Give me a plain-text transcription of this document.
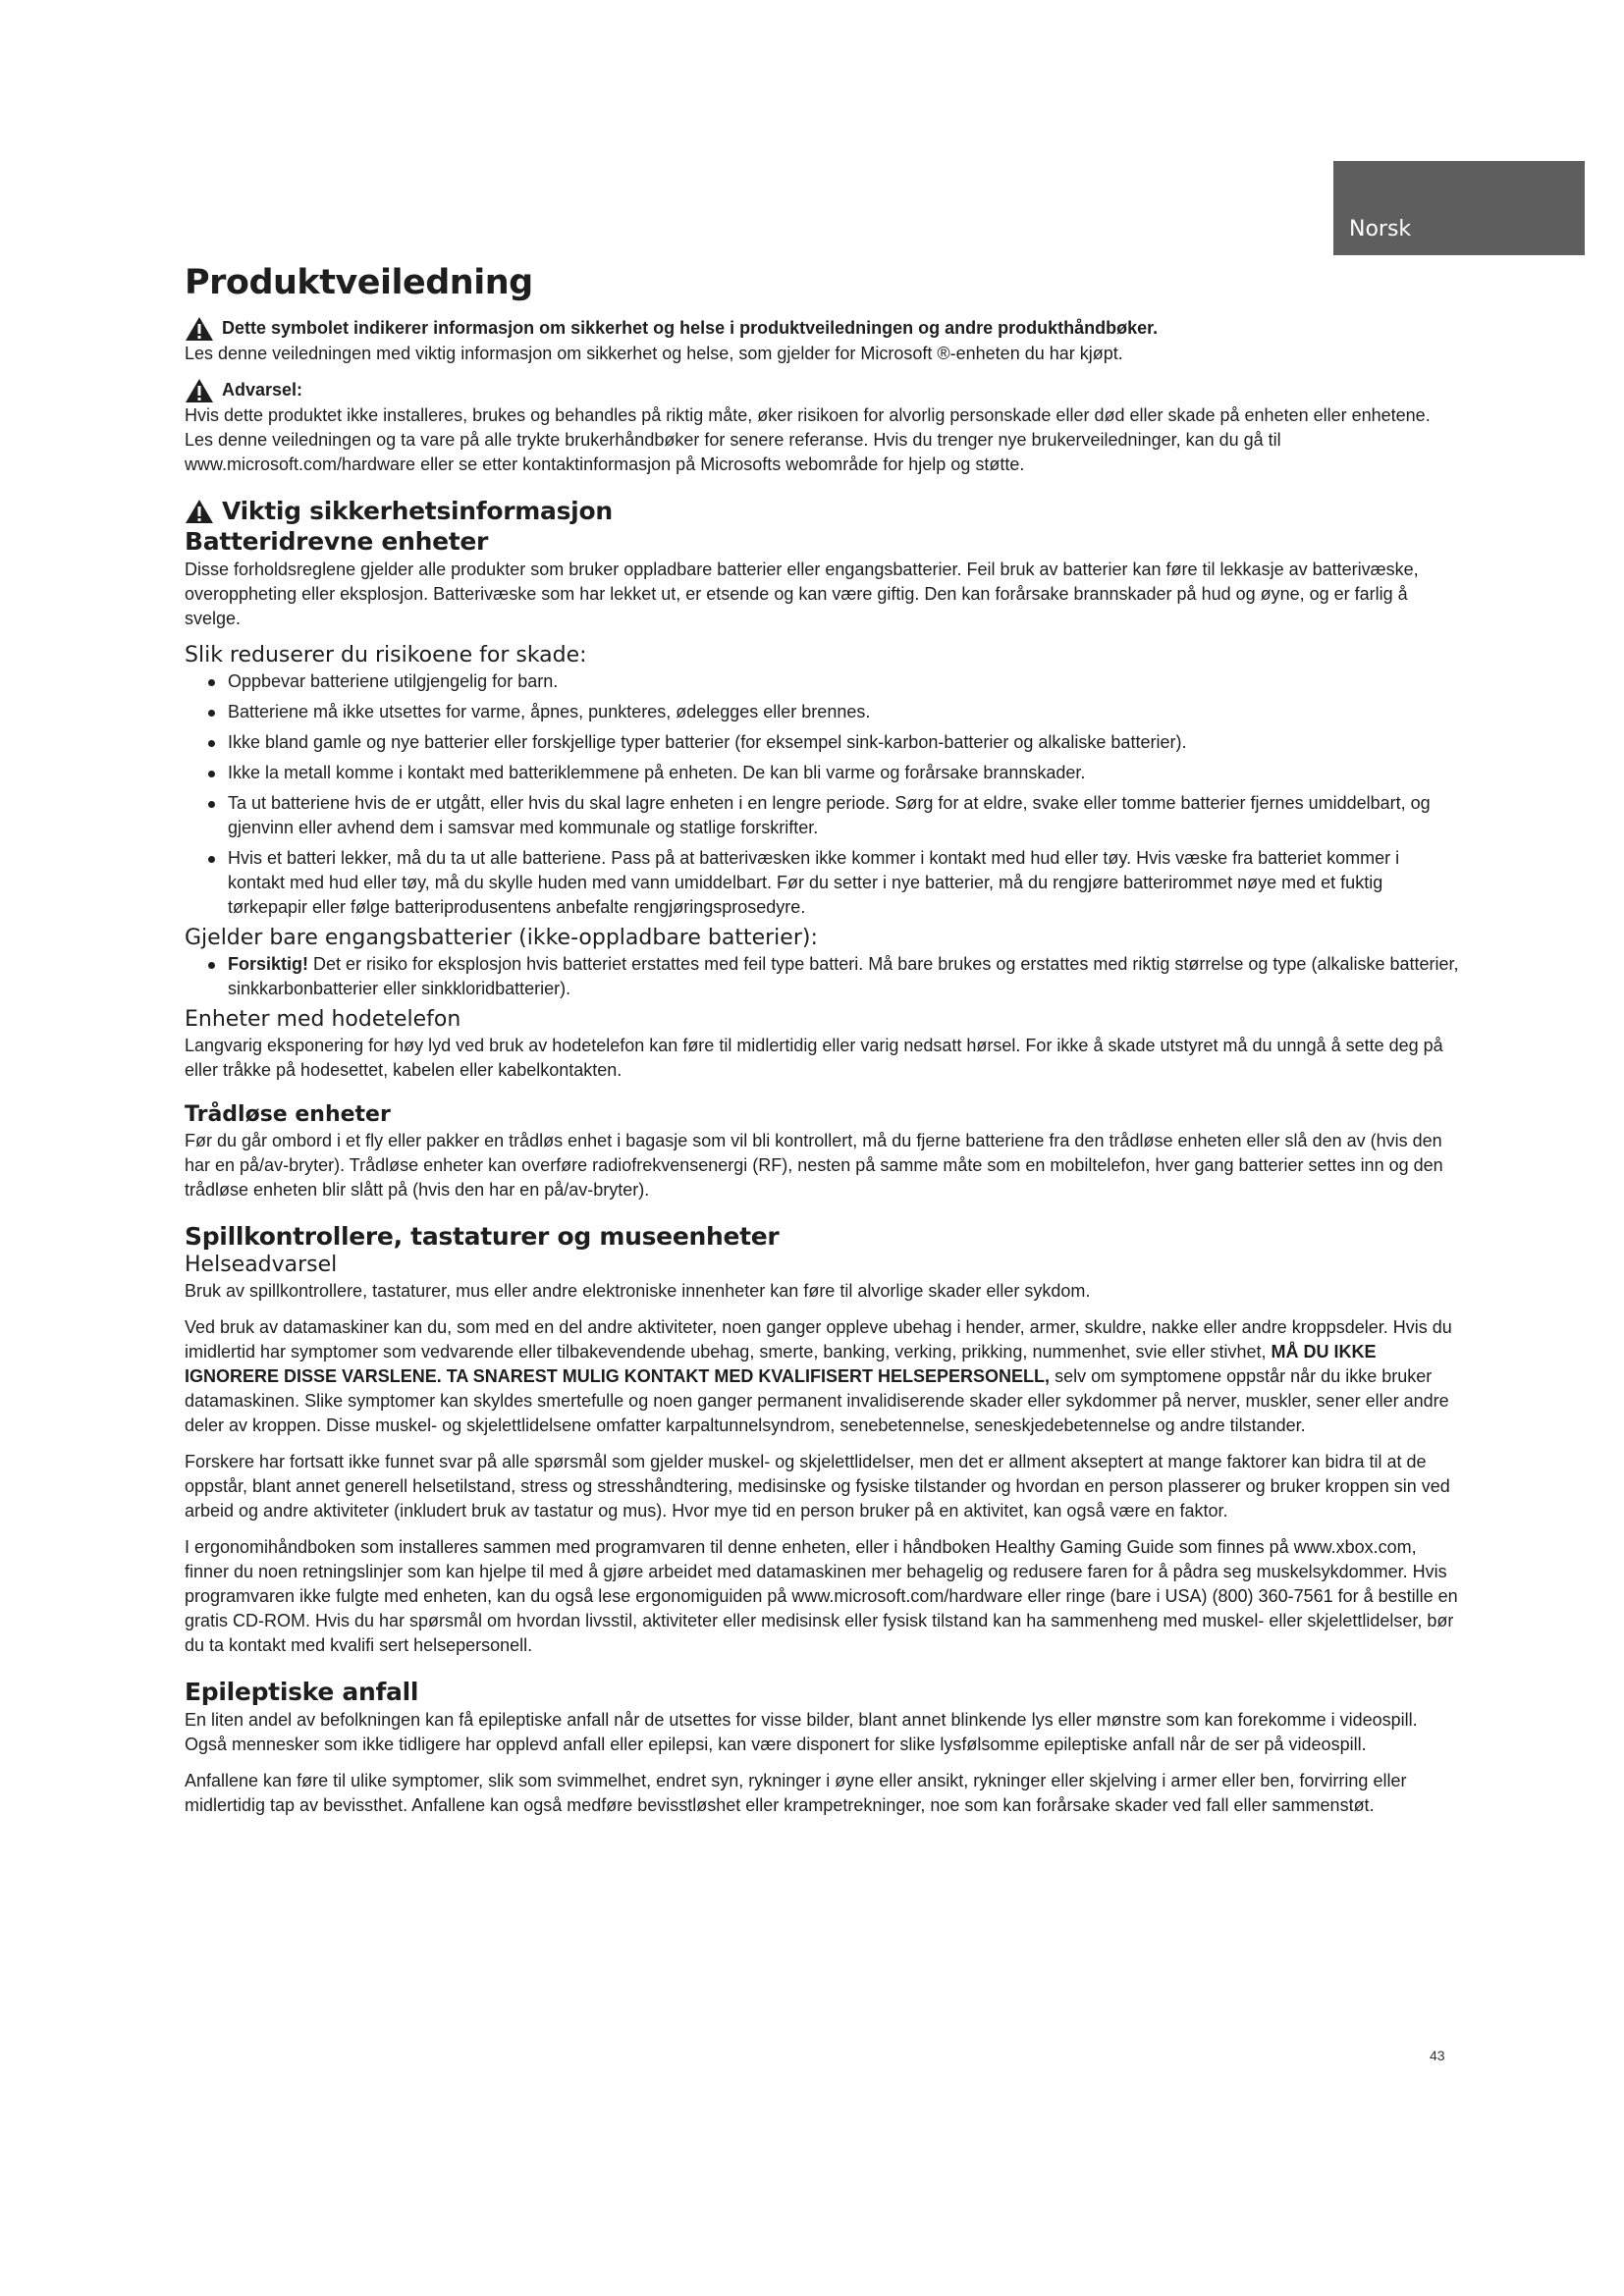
Norsk
Produktveiledning

Dette symbolet indikerer informasjon om sikkerhet og helse i produktveiledningen og andre produkthåndbøker.

Les denne veiledningen med viktig informasjon om sikkerhet og helse, som gjelder for Microsoft ®-enheten du har kjøpt.

Advarsel:

Hvis dette produktet ikke installeres, brukes og behandles på riktig måte, øker risikoen for alvorlig personskade eller død eller skade på enheten eller enhetene. Les denne veiledningen og ta vare på alle trykte brukerhåndbøker for senere referanse. Hvis du trenger nye brukerveiledninger, kan du gå til www.microsoft.com/hardware eller se etter kontaktinformasjon på Microsofts webområde for hjelp og støtte.

Viktig sikkerhetsinformasjon
Batteridrevne enheter

Disse forholdsreglene gjelder alle produkter som bruker oppladbare batterier eller engangsbatterier. Feil bruk av batterier kan føre til lekkasje av batterivæske, overoppheting eller eksplosjon. Batterivæske som har lekket ut, er etsende og kan være giftig. Den kan forårsake brannskader på hud og øyne, og er farlig å svelge.

Slik reduserer du risikoene for skade:
Oppbevar batteriene utilgjengelig for barn.
Batteriene må ikke utsettes for varme, åpnes, punkteres, ødelegges eller brennes.
Ikke bland gamle og nye batterier eller forskjellige typer batterier (for eksempel sink-karbon-batterier og alkaliske batterier).
Ikke la metall komme i kontakt med batteriklemmene på enheten. De kan bli varme og forårsake brannskader.
Ta ut batteriene hvis de er utgått, eller hvis du skal lagre enheten i en lengre periode. Sørg for at eldre, svake eller tomme batterier fjernes umiddelbart, og gjenvinn eller avhend dem i samsvar med kommunale og statlige forskrifter.
Hvis et batteri lekker, må du ta ut alle batteriene. Pass på at batterivæsken ikke kommer i kontakt med hud eller tøy. Hvis væske fra batteriet kommer i kontakt med hud eller tøy, må du skylle huden med vann umiddelbart. Før du setter i nye batterier, må du rengjøre batterirommet nøye med et fuktig tørkepapir eller følge batteriprodusentens anbefalte rengjøringsprosedyre.
Gjelder bare engangsbatterier (ikke-oppladbare batterier):
Forsiktig! Det er risiko for eksplosjon hvis batteriet erstattes med feil type batteri. Må bare brukes og erstattes med riktig størrelse og type (alkaliske batterier, sinkkarbonbatterier eller sinkkloridbatterier).
Enheter med hodetelefon

Langvarig eksponering for høy lyd ved bruk av hodetelefon kan føre til midlertidig eller varig nedsatt hørsel. For ikke å skade utstyret må du unngå å sette deg på eller tråkke på hodesettet, kabelen eller kabelkontakten.

Trådløse enheter

Før du går ombord i et fly eller pakker en trådløs enhet i bagasje som vil bli kontrollert, må du fjerne batteriene fra den trådløse enheten eller slå den av (hvis den har en på/av-bryter). Trådløse enheter kan overføre radiofrekvensenergi (RF), nesten på samme måte som en mobiltelefon, hver gang batterier settes inn og den trådløse enheten blir slått på (hvis den har en på/av-bryter).

Spillkontrollere, tastaturer og museenheter
Helseadvarsel

Bruk av spillkontrollere, tastaturer, mus eller andre elektroniske innenheter kan føre til alvorlige skader eller sykdom.

Ved bruk av datamaskiner kan du, som med en del andre aktiviteter, noen ganger oppleve ubehag i hender, armer, skuldre, nakke eller andre kroppsdeler. Hvis du imidlertid har symptomer som vedvarende eller tilbakevendende ubehag, smerte, banking, verking, prikking, nummenhet, svie eller stivhet, MÅ DU IKKE IGNORERE DISSE VARSLENE. TA SNAREST MULIG KONTAKT MED KVALIFISERT HELSEPERSONELL, selv om symptomene oppstår når du ikke bruker datamaskinen. Slike symptomer kan skyldes smertefulle og noen ganger permanent invalidiserende skader eller sykdommer på nerver, muskler, sener eller andre deler av kroppen. Disse muskel- og skjelettlidelsene omfatter karpaltunnelsyndrom, senebetennelse, seneskjedebetennelse og andre tilstander.

Forskere har fortsatt ikke funnet svar på alle spørsmål som gjelder muskel- og skjelettlidelser, men det er allment akseptert at mange faktorer kan bidra til at de oppstår, blant annet generell helsetilstand, stress og stresshåndtering, medisinske og fysiske tilstander og hvordan en person plasserer og bruker kroppen sin ved arbeid og andre aktiviteter (inkludert bruk av tastatur og mus). Hvor mye tid en person bruker på en aktivitet, kan også være en faktor.

I ergonomihåndboken som installeres sammen med programvaren til denne enheten, eller i håndboken Healthy Gaming Guide som finnes på www.xbox.com, finner du noen retningslinjer som kan hjelpe til med å gjøre arbeidet med datamaskinen mer behagelig og redusere faren for å pådra seg muskelsykdommer. Hvis programvaren ikke fulgte med enheten, kan du også lese ergonomiguiden på www.microsoft.com/hardware eller ringe (bare i USA) (800) 360-7561 for å bestille en gratis CD-ROM. Hvis du har spørsmål om hvordan livsstil, aktiviteter eller medisinsk eller fysisk tilstand kan ha sammenheng med muskel- eller skjelettlidelser, bør du ta kontakt med kvalifi sert helsepersonell.

Epileptiske anfall

En liten andel av befolkningen kan få epileptiske anfall når de utsettes for visse bilder, blant annet blinkende lys eller mønstre som kan forekomme i videospill. Også mennesker som ikke tidligere har opplevd anfall eller epilepsi, kan være disponert for slike lysfølsomme epileptiske anfall når de ser på videospill.

Anfallene kan føre til ulike symptomer, slik som svimmelhet, endret syn, rykninger i øyne eller ansikt, rykninger eller skjelving i armer eller ben, forvirring eller midlertidig tap av bevissthet. Anfallene kan også medføre bevisstløshet eller krampetrekninger, noe som kan forårsake skader ved fall eller sammenstøt.

43
